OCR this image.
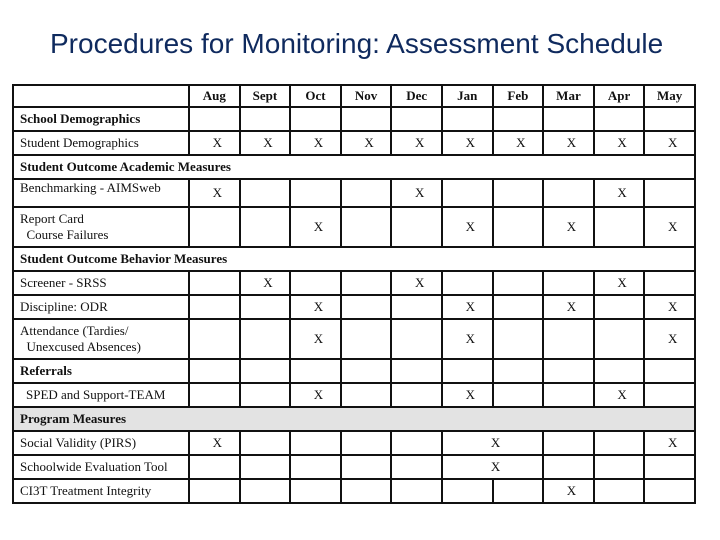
Procedures for Monitoring: Assessment Schedule
	Aug	Sept	Oct	Nov	Dec	Jan	Feb	Mar	Apr	May
School Demographics										
Student Demographics	X	X	X	X	X	X	X	X	X	X
Student Outcome Academic Measures										
Benchmarking - AIMSweb	X				X				X	
Report Card
Course Failures			X			X		X		X
Student Outcome Behavior Measures										
Screener - SRSS		X			X				X	
Discipline: ODR			X			X		X		X
Attendance (Tardies/
Unexcused Absences)			X			X				X
Referrals										
SPED and Support-TEAM			X			X			X	
Program Measures										
Social Validity (PIRS)	X					X				X
Schoolwide Evaluation Tool						X				
CI3T Treatment Integrity								X		
